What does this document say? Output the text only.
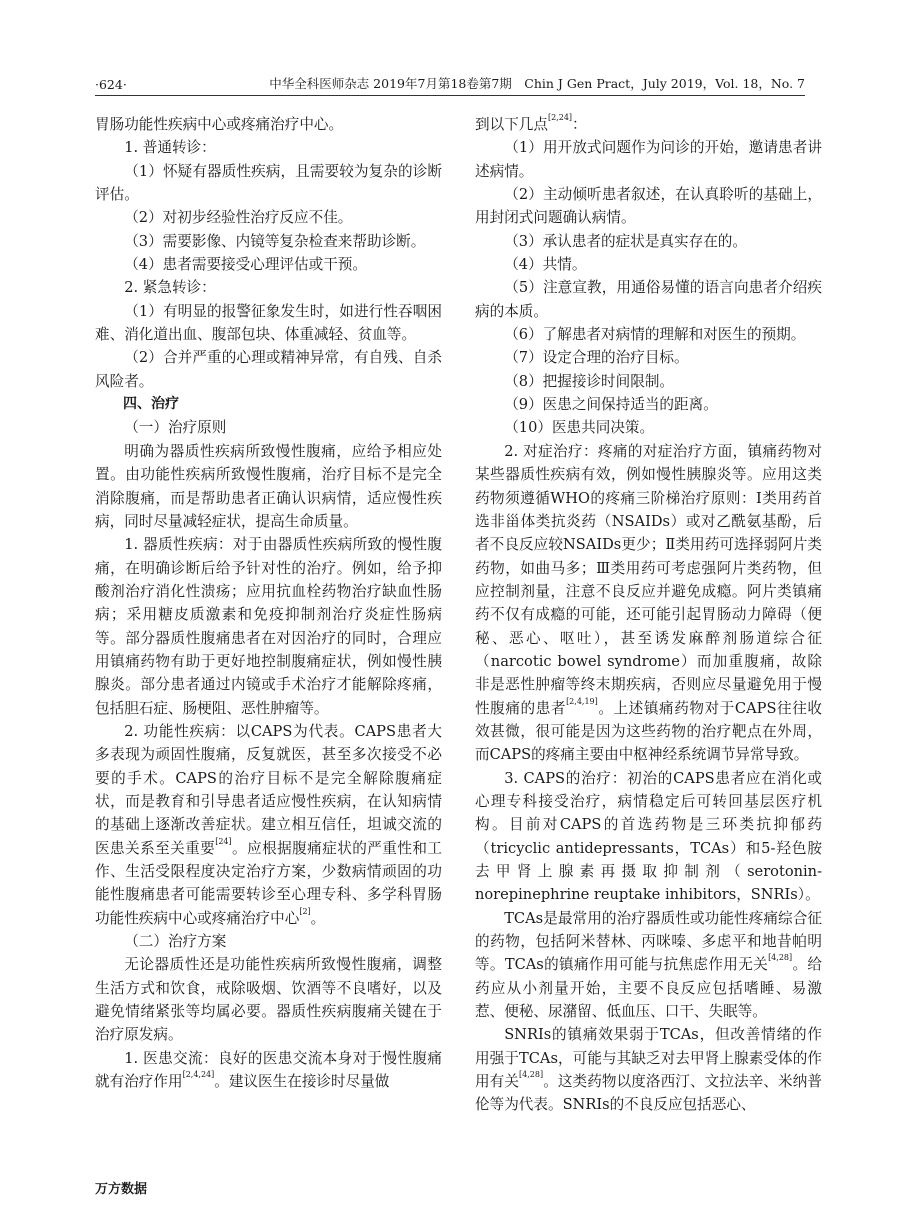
·624·	中华全科医师杂志 2019年7月第18卷第7期　Chin J Gen Pract，July 2019，Vol. 18，No. 7

胃肠功能性疾病中心或疼痛治疗中心。

1. 普通转诊：

（1）怀疑有器质性疾病，且需要较为复杂的诊断评估。

（2）对初步经验性治疗反应不佳。

（3）需要影像、内镜等复杂检查来帮助诊断。

（4）患者需要接受心理评估或干预。

2. 紧急转诊：

（1）有明显的报警征象发生时，如进行性吞咽困难、消化道出血、腹部包块、体重减轻、贫血等。

（2）合并严重的心理或精神异常，有自残、自杀风险者。

四、治疗

（一）治疗原则

明确为器质性疾病所致慢性腹痛，应给予相应处置。由功能性疾病所致慢性腹痛，治疗目标不是完全消除腹痛，而是帮助患者正确认识病情，适应慢性疾病，同时尽量减轻症状，提高生命质量。

1. 器质性疾病：对于由器质性疾病所致的慢性腹痛，在明确诊断后给予针对性的治疗。例如，给予抑酸剂治疗消化性溃疡；应用抗血栓药物治疗缺血性肠病；采用糖皮质激素和免疫抑制剂治疗炎症性肠病等。部分器质性腹痛患者在对因治疗的同时，合理应用镇痛药物有助于更好地控制腹痛症状，例如慢性胰腺炎。部分患者通过内镜或手术治疗才能解除疼痛，包括胆石症、肠梗阻、恶性肿瘤等。

2. 功能性疾病：以CAPS为代表。CAPS患者大多表现为顽固性腹痛，反复就医，甚至多次接受不必要的手术。CAPS的治疗目标不是完全解除腹痛症状，而是教育和引导患者适应慢性疾病，在认知病情的基础上逐渐改善症状。建立相互信任，坦诚交流的医患关系至关重要[24]。应根据腹痛症状的严重性和工作、生活受限程度决定治疗方案，少数病情顽固的功能性腹痛患者可能需要转诊至心理专科、多学科胃肠功能性疾病中心或疼痛治疗中心[2]。

（二）治疗方案

无论器质性还是功能性疾病所致慢性腹痛，调整生活方式和饮食，戒除吸烟、饮酒等不良嗜好，以及避免情绪紧张等均属必要。器质性疾病腹痛关键在于治疗原发病。

1. 医患交流：良好的医患交流本身对于慢性腹痛就有治疗作用[2,4,24]。建议医生在接诊时尽量做

到以下几点[2,24]：

（1）用开放式问题作为问诊的开始，邀请患者讲述病情。

（2）主动倾听患者叙述，在认真聆听的基础上，用封闭式问题确认病情。

（3）承认患者的症状是真实存在的。

（4）共情。

（5）注意宣教，用通俗易懂的语言向患者介绍疾病的本质。

（6）了解患者对病情的理解和对医生的预期。

（7）设定合理的治疗目标。

（8）把握接诊时间限制。

（9）医患之间保持适当的距离。

（10）医患共同决策。

2. 对症治疗：疼痛的对症治疗方面，镇痛药物对某些器质性疾病有效，例如慢性胰腺炎等。应用这类药物须遵循WHO的疼痛三阶梯治疗原则：Ⅰ类用药首选非甾体类抗炎药（NSAIDs）或对乙酰氨基酚，后者不良反应较NSAIDs更少；Ⅱ类用药可选择弱阿片类药物，如曲马多；Ⅲ类用药可考虑强阿片类药物，但应控制剂量，注意不良反应并避免成瘾。阿片类镇痛药不仅有成瘾的可能，还可能引起胃肠动力障碍（便秘、恶心、呕吐），甚至诱发麻醉剂肠道综合征（narcotic bowel syndrome）而加重腹痛，故除非是恶性肿瘤等终末期疾病，否则应尽量避免用于慢性腹痛的患者[2,4,19]。上述镇痛药物对于CAPS往往收效甚微，很可能是因为这些药物的治疗靶点在外周，而CAPS的疼痛主要由中枢神经系统调节异常导致。

3. CAPS的治疗：初治的CAPS患者应在消化或心理专科接受治疗，病情稳定后可转回基层医疗机构。目前对CAPS的首选药物是三环类抗抑郁药（tricyclic antidepressants，TCAs）和5-羟色胺去甲肾上腺素再摄取抑制剂（serotonin-norepinephrine reuptake inhibitors，SNRIs）。

TCAs是最常用的治疗器质性或功能性疼痛综合征的药物，包括阿米替林、丙咪嗪、多虑平和地昔帕明等。TCAs的镇痛作用可能与抗焦虑作用无关[4,28]。给药应从小剂量开始，主要不良反应包括嗜睡、易激惹、便秘、尿潴留、低血压、口干、失眠等。

SNRIs的镇痛效果弱于TCAs，但改善情绪的作用强于TCAs，可能与其缺乏对去甲肾上腺素受体的作用有关[4,28]。这类药物以度洛西汀、文拉法辛、米纳普伦等为代表。SNRIs的不良反应包括恶心、

万方数据
